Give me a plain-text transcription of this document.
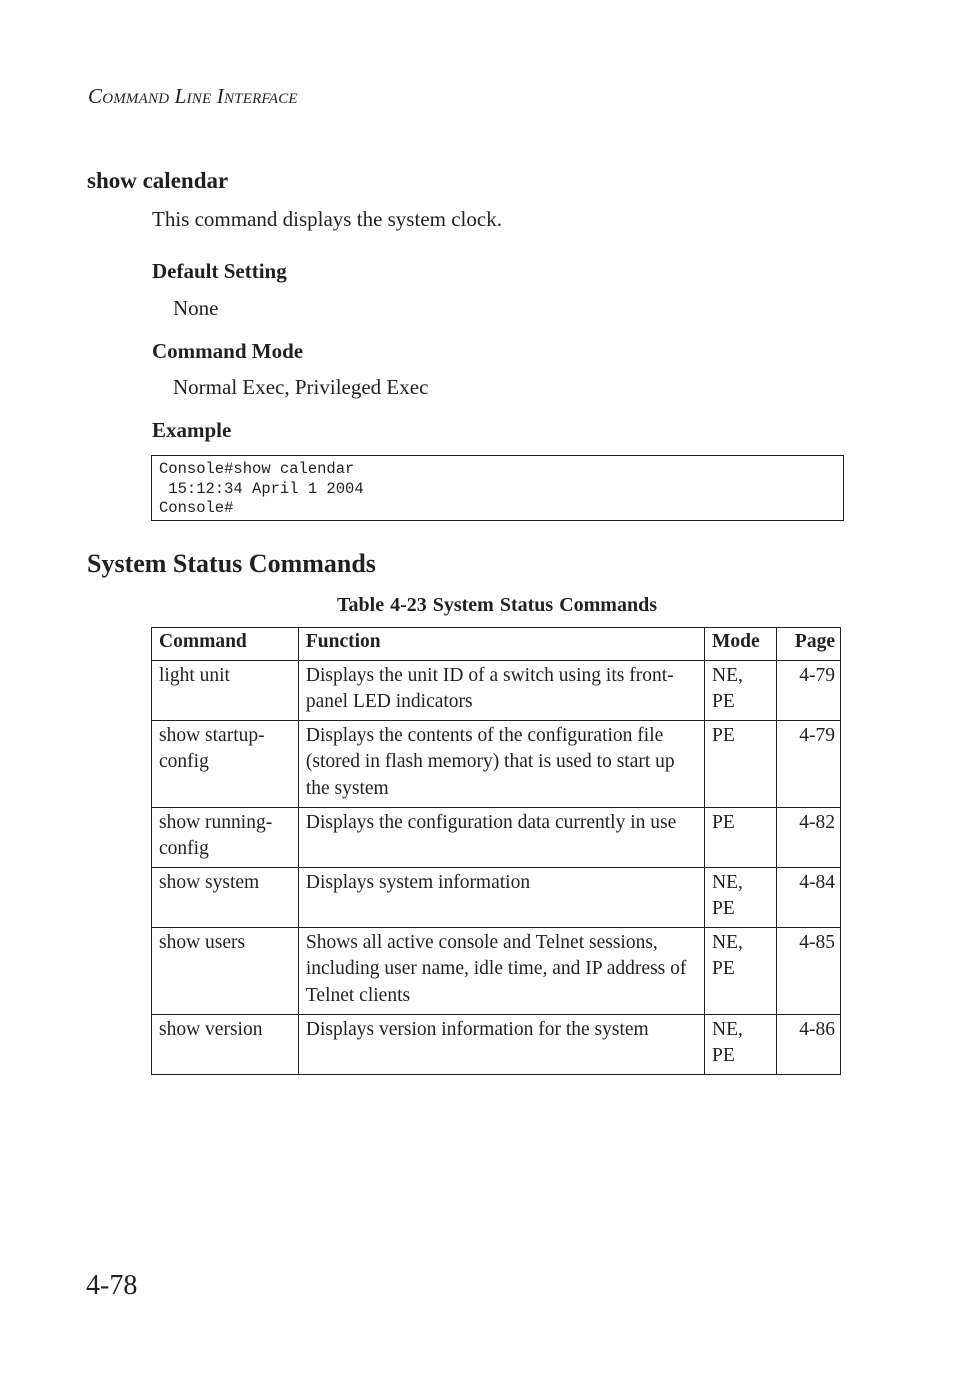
Command Line Interface
show calendar
This command displays the system clock.
Default Setting
None
Command Mode
Normal Exec, Privileged Exec
Example
Console#show calendar
15:12:34 April 1 2004
Console#
System Status Commands
Table 4-23 System Status Commands
Command	Function	Mode	Page
light unit	Displays the unit ID of a switch using its front-panel LED indicators	NE, PE	4-79
show startup-config	Displays the contents of the configuration file (stored in flash memory) that is used to start up the system	PE	4-79
show running-config	Displays the configuration data currently in use	PE	4-82
show system	Displays system information	NE, PE	4-84
show users	Shows all active console and Telnet sessions, including user name, idle time, and IP address of Telnet clients	NE, PE	4-85
show version	Displays version information for the system	NE, PE	4-86
4-78
